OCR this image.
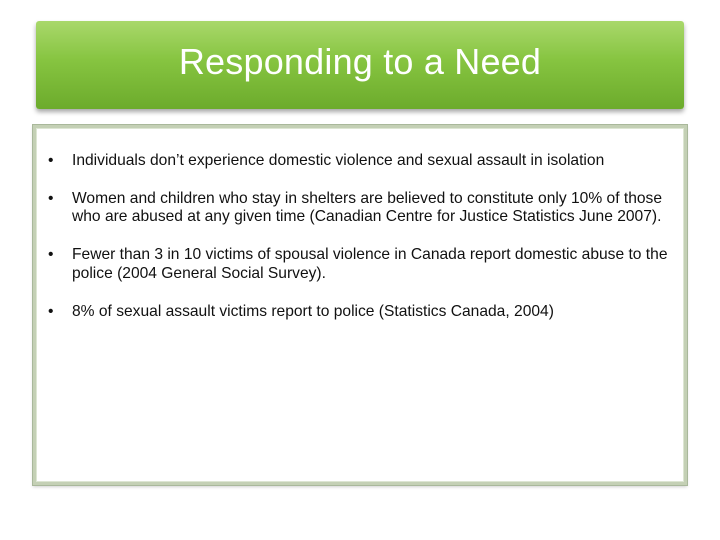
Responding to a Need
• Individuals don’t experience domestic violence and sexual assault in isolation
• Women and children who stay in shelters are believed to constitute only 10% of those who are abused at any given time (Canadian Centre for Justice Statistics June 2007).
• Fewer than 3 in 10 victims of spousal violence in Canada report domestic abuse to the police (2004 General Social Survey).
• 8% of sexual assault victims report to police (Statistics Canada, 2004)
